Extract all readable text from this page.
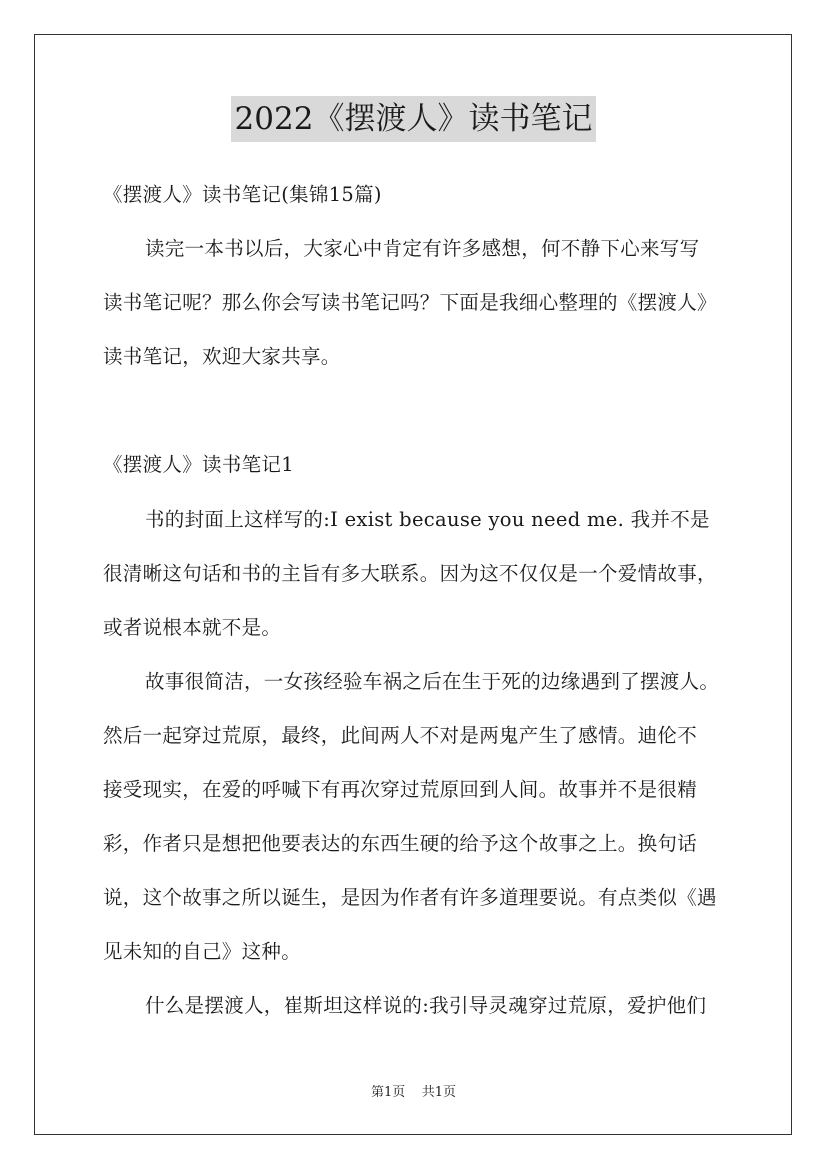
2022《摆渡人》读书笔记
《摆渡人》读书笔记(集锦15篇)
读完一本书以后，大家心中肯定有许多感想，何不静下心来写写
读书笔记呢？那么你会写读书笔记吗？下面是我细心整理的《摆渡人》
读书笔记，欢迎大家共享。
《摆渡人》读书笔记1
书的封面上这样写的:I exist because you need me. 我并不是
很清晰这句话和书的主旨有多大联系。因为这不仅仅是一个爱情故事，
或者说根本就不是。
故事很简洁，一女孩经验车祸之后在生于死的边缘遇到了摆渡人。
然后一起穿过荒原，最终，此间两人不对是两鬼产生了感情。迪伦不
接受现实，在爱的呼喊下有再次穿过荒原回到人间。故事并不是很精
彩，作者只是想把他要表达的东西生硬的给予这个故事之上。换句话
说，这个故事之所以诞生，是因为作者有许多道理要说。有点类似《遇
见未知的自己》这种。
什么是摆渡人，崔斯坦这样说的:我引导灵魂穿过荒原，爱护他们
第1页 共1页
